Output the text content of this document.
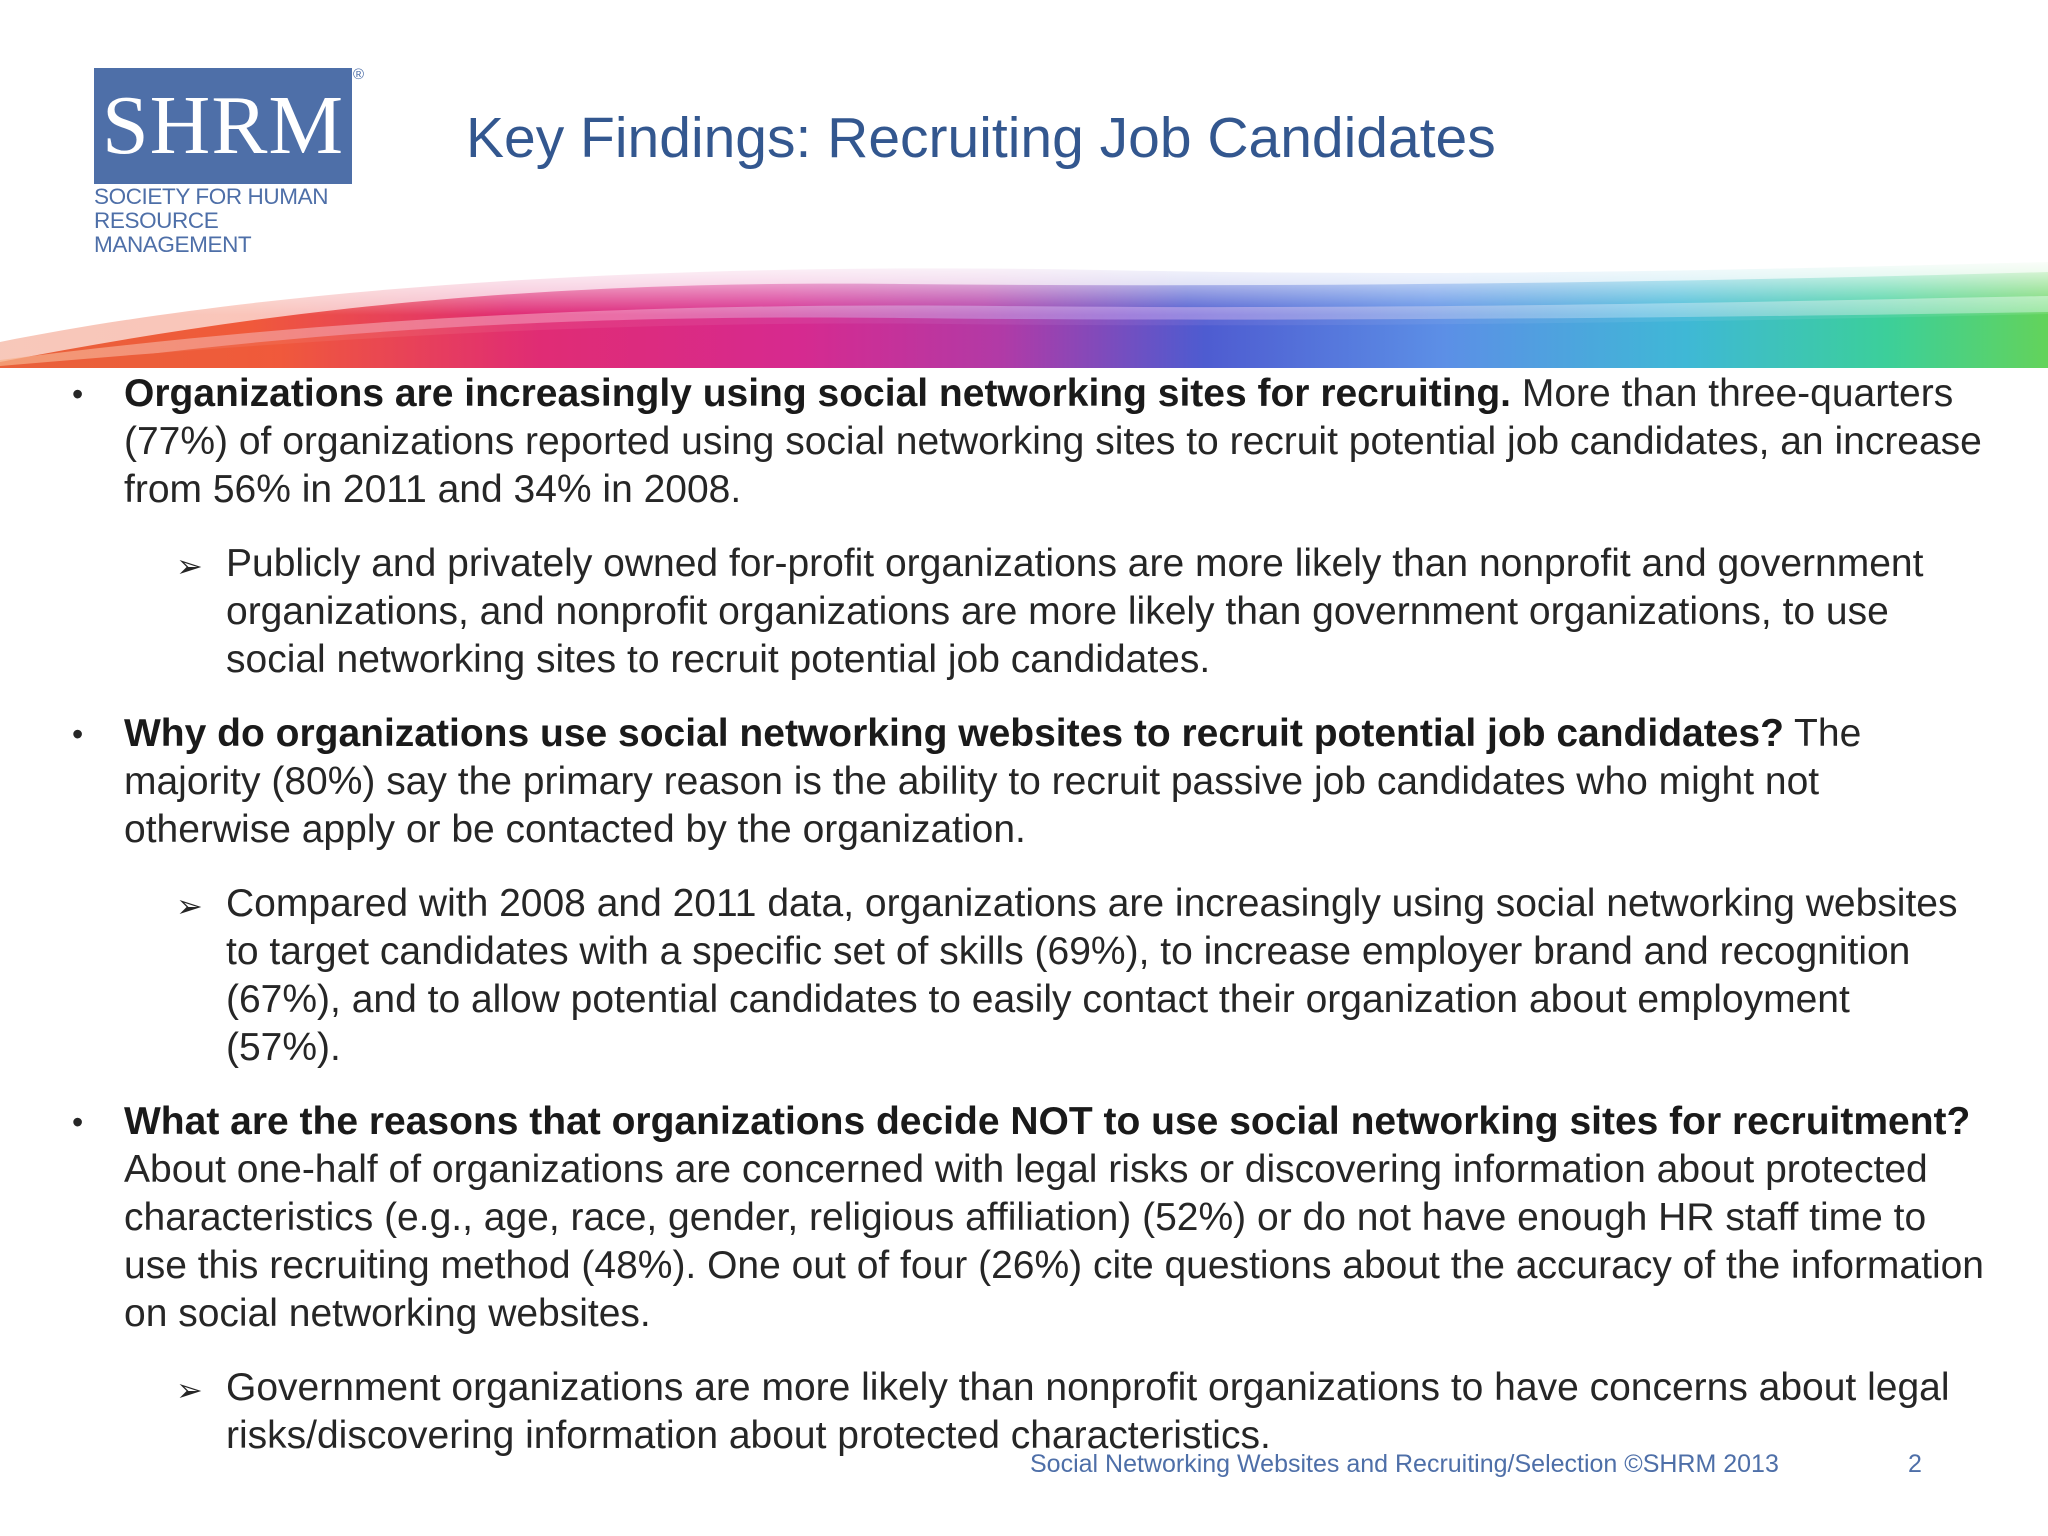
SHRM
®
SOCIETY FOR HUMAN
RESOURCE MANAGEMENT
Key Findings: Recruiting Job Candidates
• Organizations are increasingly using social networking sites for recruiting. More than three-quarters (77%) of organizations reported using social networking sites to recruit potential job candidates, an increase from 56% in 2011 and 34% in 2008.
➢ Publicly and privately owned for-profit organizations are more likely than nonprofit and government organizations, and nonprofit organizations are more likely than government organizations, to use social networking sites to recruit potential job candidates.
• Why do organizations use social networking websites to recruit potential job candidates? The majority (80%) say the primary reason is the ability to recruit passive job candidates who might not otherwise apply or be contacted by the organization.
➢ Compared with 2008 and 2011 data, organizations are increasingly using social networking websites to target candidates with a specific set of skills (69%), to increase employer brand and recognition (67%), and to allow potential candidates to easily contact their organization about employment (57%).
• What are the reasons that organizations decide NOT to use social networking sites for recruitment? About one-half of organizations are concerned with legal risks or discovering information about protected characteristics (e.g., age, race, gender, religious affiliation) (52%) or do not have enough HR staff time to use this recruiting method (48%). One out of four (26%) cite questions about the accuracy of the information on social networking websites.
➢ Government organizations are more likely than nonprofit organizations to have concerns about legal risks/discovering information about protected characteristics.
Social Networking Websites and Recruiting/Selection ©SHRM 2013	2
